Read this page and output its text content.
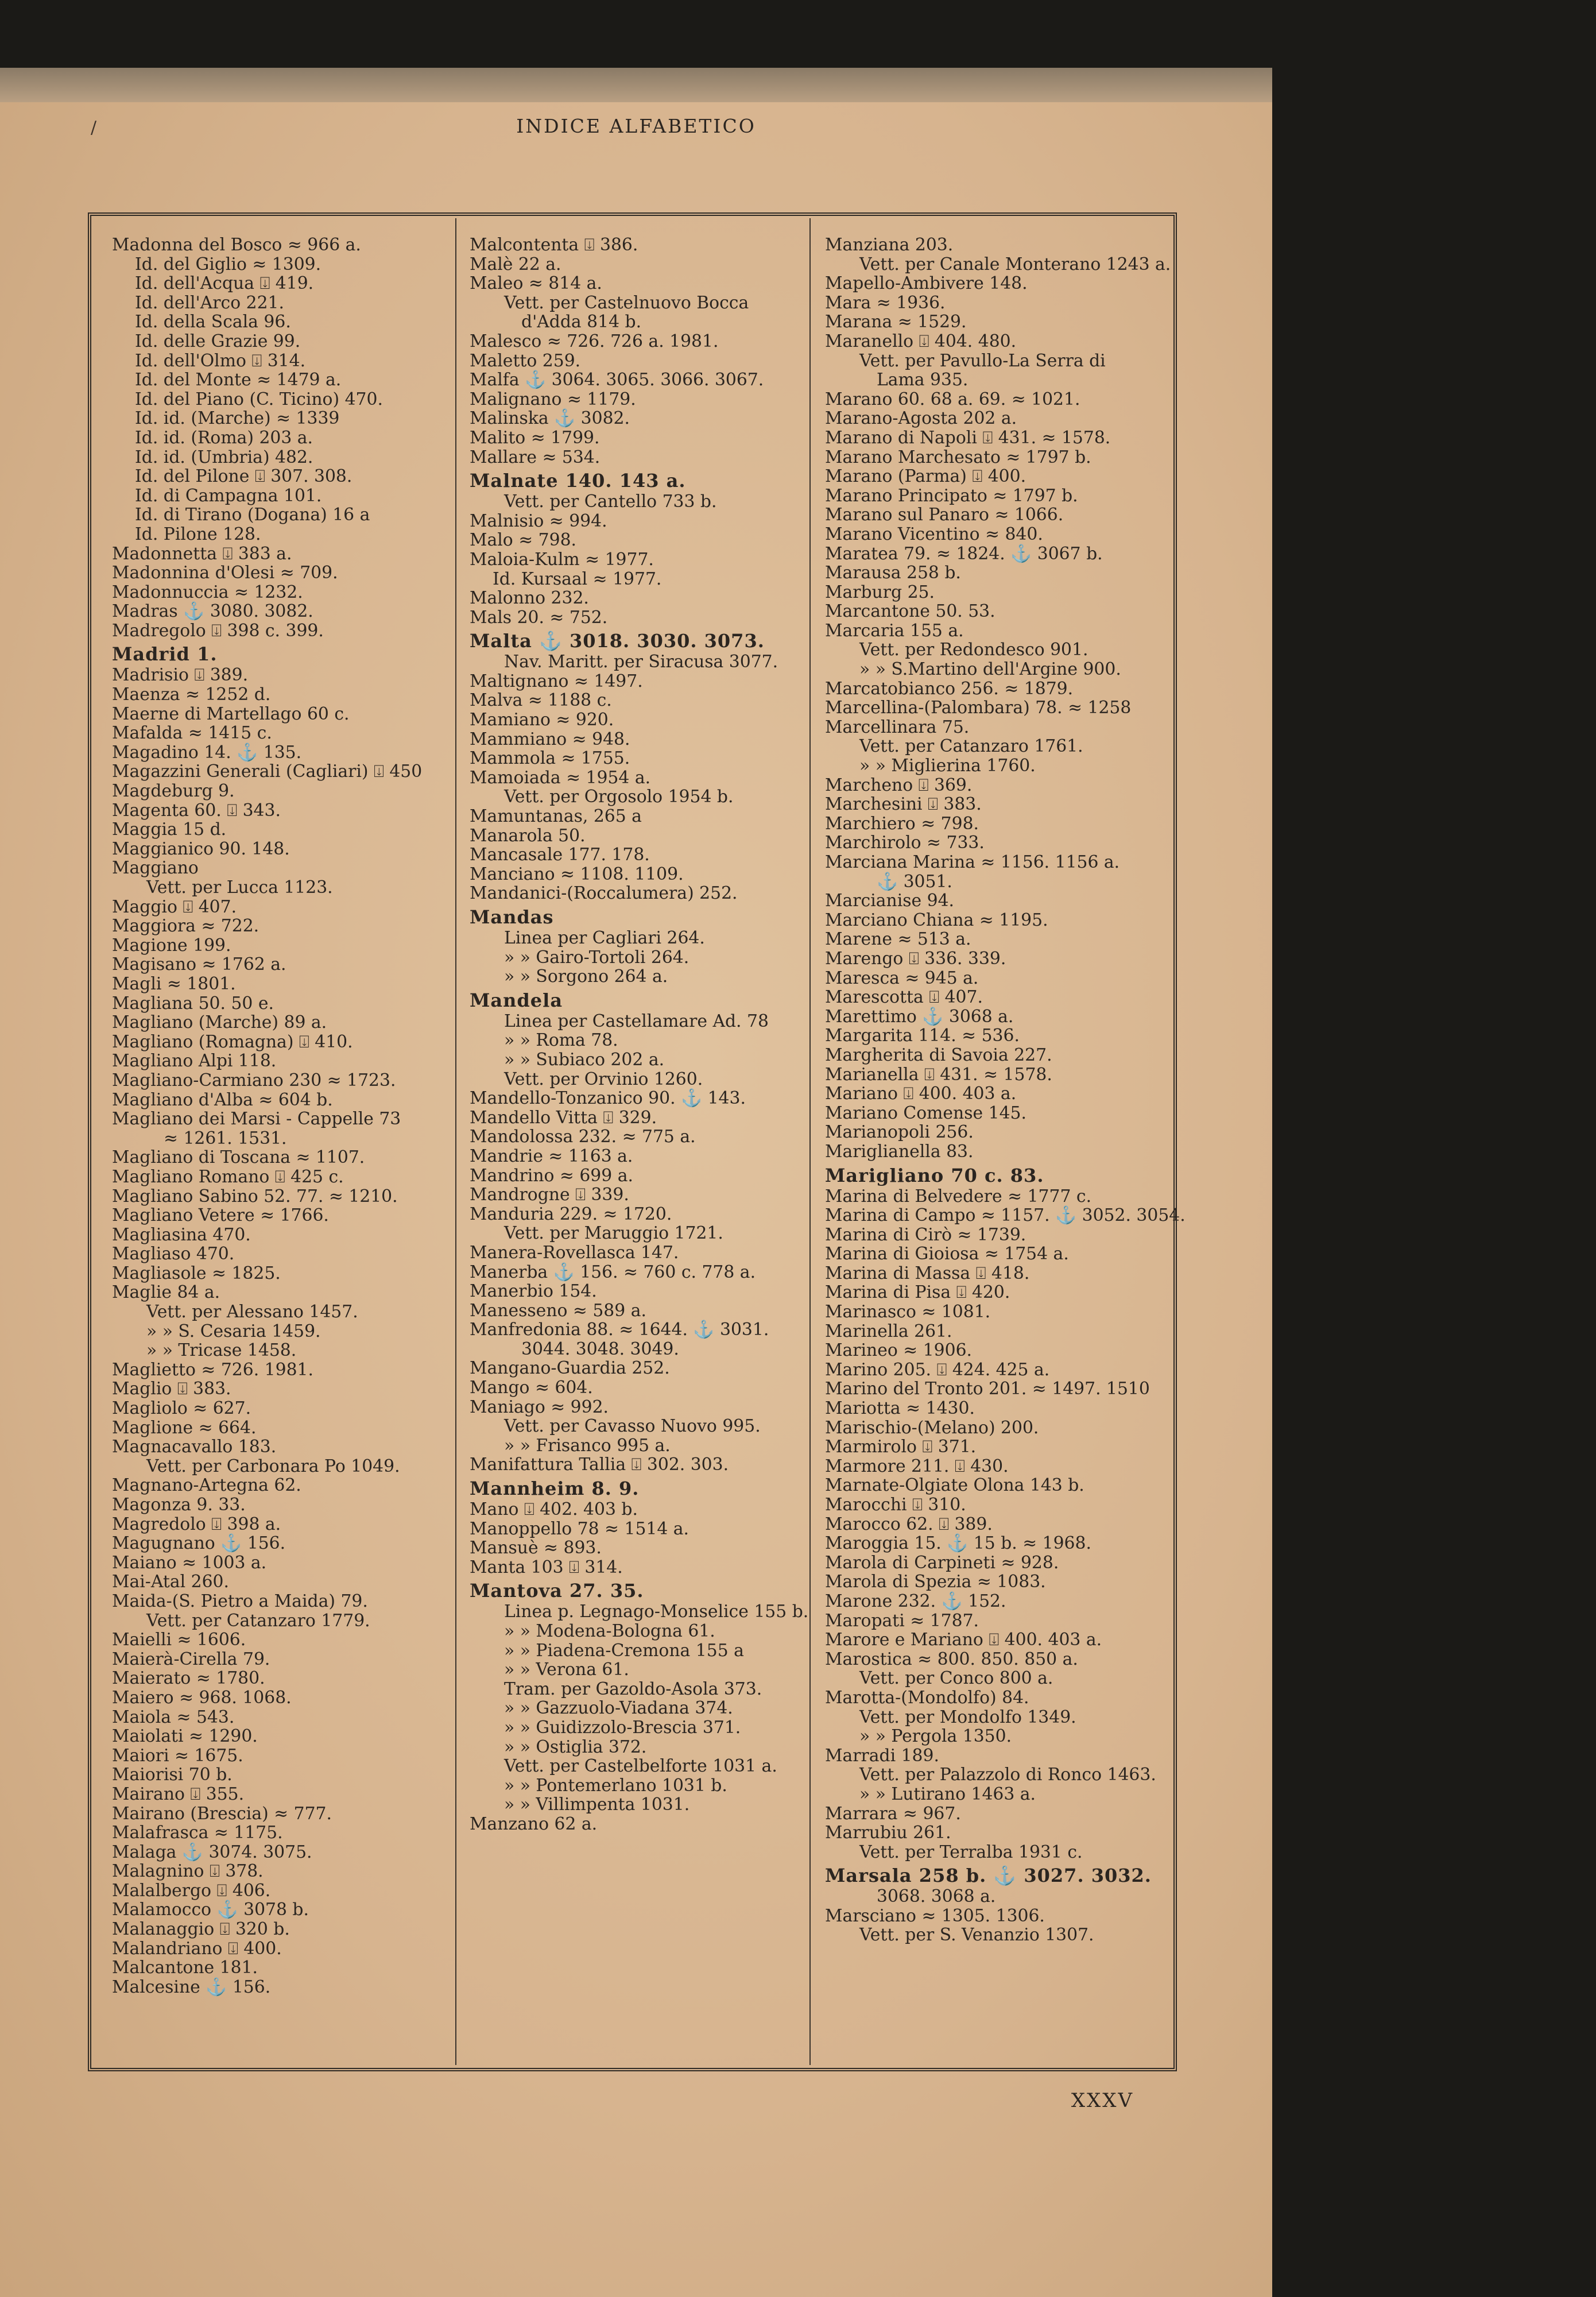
/	INDICE ALFABETICO
Madonna del Bosco ≈ 966 a.
Id. del Giglio ≈ 1309.
Id. dell'Acqua ⍗ 419.
Id. dell'Arco 221.
Id. della Scala 96.
Id. delle Grazie 99.
Id. dell'Olmo ⍗ 314.
Id. del Monte ≈ 1479 a.
Id. del Piano (C. Ticino) 470.
Id. id. (Marche) ≈ 1339
Id. id. (Roma) 203 a.
Id. id. (Umbria) 482.
Id. del Pilone ⍗ 307. 308.
Id. di Campagna 101.
Id. di Tirano (Dogana) 16 a
Id. Pilone 128.
Madonnetta ⍗ 383 a.
Madonnina d'Olesi ≈ 709.
Madonnuccia ≈ 1232.
Madras ⚓ 3080. 3082.
Madregolo ⍗ 398 c. 399.
Madrid 1.
Madrisio ⍗ 389.
Maenza ≈ 1252 d.
Maerne di Martellago 60 c.
Mafalda ≈ 1415 c.
Magadino 14. ⚓ 135.
Magazzini Generali (Cagliari) ⍗ 450
Magdeburg 9.
Magenta 60. ⍗ 343.
Maggia 15 d.
Maggianico 90. 148.
Maggiano
Vett. per Lucca 1123.
Maggio ⍗ 407.
Maggiora ≈ 722.
Magione 199.
Magisano ≈ 1762 a.
Magli ≈ 1801.
Magliana 50. 50 e.
Magliano (Marche) 89 a.
Magliano (Romagna) ⍗ 410.
Magliano Alpi 118.
Magliano-Carmiano 230 ≈ 1723.
Magliano d'Alba ≈ 604 b.
Magliano dei Marsi - Cappelle 73
≈ 1261. 1531.
Magliano di Toscana ≈ 1107.
Magliano Romano ⍗ 425 c.
Magliano Sabino 52. 77. ≈ 1210.
Magliano Vetere ≈ 1766.
Magliasina 470.
Magliaso 470.
Magliasole ≈ 1825.
Maglie 84 a.
Vett. per Alessano 1457.
» » S. Cesaria 1459.
» » Tricase 1458.
Maglietto ≈ 726. 1981.
Maglio ⍗ 383.
Magliolo ≈ 627.
Maglione ≈ 664.
Magnacavallo 183.
Vett. per Carbonara Po 1049.
Magnano-Artegna 62.
Magonza 9. 33.
Magredolo ⍗ 398 a.
Magugnano ⚓ 156.
Maiano ≈ 1003 a.
Mai-Atal 260.
Maida-(S. Pietro a Maida) 79.
Vett. per Catanzaro 1779.
Maielli ≈ 1606.
Maierà-Cirella 79.
Maierato ≈ 1780.
Maiero ≈ 968. 1068.
Maiola ≈ 543.
Maiolati ≈ 1290.
Maiori ≈ 1675.
Maiorisi 70 b.
Mairano ⍗ 355.
Mairano (Brescia) ≈ 777.
Malafrasca ≈ 1175.
Malaga ⚓ 3074. 3075.
Malagnino ⍗ 378.
Malalbergo ⍗ 406.
Malamocco ⚓ 3078 b.
Malanaggio ⍗ 320 b.
Malandriano ⍗ 400.
Malcantone 181.
Malcesine ⚓ 156.
Malcontenta ⍗ 386.
Malè 22 a.
Maleo ≈ 814 a.
Vett. per Castelnuovo Bocca
d'Adda 814 b.
Malesco ≈ 726. 726 a. 1981.
Maletto 259.
Malfa ⚓ 3064. 3065. 3066. 3067.
Malignano ≈ 1179.
Malinska ⚓ 3082.
Malito ≈ 1799.
Mallare ≈ 534.
Malnate 140. 143 a.
Vett. per Cantello 733 b.
Malnisio ≈ 994.
Malo ≈ 798.
Maloia-Kulm ≈ 1977.
Id. Kursaal ≈ 1977.
Malonno 232.
Mals 20. ≈ 752.
Malta ⚓ 3018. 3030. 3073.
Nav. Maritt. per Siracusa 3077.
Maltignano ≈ 1497.
Malva ≈ 1188 c.
Mamiano ≈ 920.
Mammiano ≈ 948.
Mammola ≈ 1755.
Mamoiada ≈ 1954 a.
Vett. per Orgosolo 1954 b.
Mamuntanas, 265 a
Manarola 50.
Mancasale 177. 178.
Manciano ≈ 1108. 1109.
Mandanici-(Roccalumera) 252.
Mandas
Linea per Cagliari 264.
» » Gairo-Tortoli 264.
» » Sorgono 264 a.
Mandela
Linea per Castellamare Ad. 78
» » Roma 78.
» » Subiaco 202 a.
Vett. per Orvinio 1260.
Mandello-Tonzanico 90. ⚓ 143.
Mandello Vitta ⍗ 329.
Mandolossa 232. ≈ 775 a.
Mandrie ≈ 1163 a.
Mandrino ≈ 699 a.
Mandrogne ⍗ 339.
Manduria 229. ≈ 1720.
Vett. per Maruggio 1721.
Manera-Rovellasca 147.
Manerba ⚓ 156. ≈ 760 c. 778 a.
Manerbio 154.
Manesseno ≈ 589 a.
Manfredonia 88. ≈ 1644. ⚓ 3031.
3044. 3048. 3049.
Mangano-Guardia 252.
Mango ≈ 604.
Maniago ≈ 992.
Vett. per Cavasso Nuovo 995.
» » Frisanco 995 a.
Manifattura Tallia ⍗ 302. 303.
Mannheim 8. 9.
Mano ⍗ 402. 403 b.
Manoppello 78 ≈ 1514 a.
Mansuè ≈ 893.
Manta 103 ⍗ 314.
Mantova 27. 35.
Linea p. Legnago-Monselice 155 b.
» » Modena-Bologna 61.
» » Piadena-Cremona 155 a
» » Verona 61.
Tram. per Gazoldo-Asola 373.
» » Gazzuolo-Viadana 374.
» » Guidizzolo-Brescia 371.
» » Ostiglia 372.
Vett. per Castelbelforte 1031 a.
» » Pontemerlano 1031 b.
» » Villimpenta 1031.
Manzano 62 a.
Manziana 203.
Vett. per Canale Monterano 1243 a.
Mapello-Ambivere 148.
Mara ≈ 1936.
Marana ≈ 1529.
Maranello ⍗ 404. 480.
Vett. per Pavullo-La Serra di
Lama 935.
Marano 60. 68 a. 69. ≈ 1021.
Marano-Agosta 202 a.
Marano di Napoli ⍗ 431. ≈ 1578.
Marano Marchesato ≈ 1797 b.
Marano (Parma) ⍗ 400.
Marano Principato ≈ 1797 b.
Marano sul Panaro ≈ 1066.
Marano Vicentino ≈ 840.
Maratea 79. ≈ 1824. ⚓ 3067 b.
Marausa 258 b.
Marburg 25.
Marcantone 50. 53.
Marcaria 155 a.
Vett. per Redondesco 901.
» » S.Martino dell'Argine 900.
Marcatobianco 256. ≈ 1879.
Marcellina-(Palombara) 78. ≈ 1258
Marcellinara 75.
Vett. per Catanzaro 1761.
» » Miglierina 1760.
Marcheno ⍗ 369.
Marchesini ⍗ 383.
Marchiero ≈ 798.
Marchirolo ≈ 733.
Marciana Marina ≈ 1156. 1156 a.
⚓ 3051.
Marcianise 94.
Marciano Chiana ≈ 1195.
Marene ≈ 513 a.
Marengo ⍗ 336. 339.
Maresca ≈ 945 a.
Marescotta ⍗ 407.
Marettimo ⚓ 3068 a.
Margarita 114. ≈ 536.
Margherita di Savoia 227.
Marianella ⍗ 431. ≈ 1578.
Mariano ⍗ 400. 403 a.
Mariano Comense 145.
Marianopoli 256.
Mariglianella 83.
Marigliano 70 c. 83.
Marina di Belvedere ≈ 1777 c.
Marina di Campo ≈ 1157. ⚓ 3052. 3054.
Marina di Cirò ≈ 1739.
Marina di Gioiosa ≈ 1754 a.
Marina di Massa ⍗ 418.
Marina di Pisa ⍗ 420.
Marinasco ≈ 1081.
Marinella 261.
Marineo ≈ 1906.
Marino 205. ⍗ 424. 425 a.
Marino del Tronto 201. ≈ 1497. 1510
Mariotta ≈ 1430.
Marischio-(Melano) 200.
Marmirolo ⍗ 371.
Marmore 211. ⍗ 430.
Marnate-Olgiate Olona 143 b.
Marocchi ⍗ 310.
Marocco 62. ⍗ 389.
Maroggia 15. ⚓ 15 b. ≈ 1968.
Marola di Carpineti ≈ 928.
Marola di Spezia ≈ 1083.
Marone 232. ⚓ 152.
Maropati ≈ 1787.
Marore e Mariano ⍗ 400. 403 a.
Marostica ≈ 800. 850. 850 a.
Vett. per Conco 800 a.
Marotta-(Mondolfo) 84.
Vett. per Mondolfo 1349.
» » Pergola 1350.
Marradi 189.
Vett. per Palazzolo di Ronco 1463.
» » Lutirano 1463 a.
Marrara ≈ 967.
Marrubiu 261.
Vett. per Terralba 1931 c.
Marsala 258 b. ⚓ 3027. 3032.
3068. 3068 a.
Marsciano ≈ 1305. 1306.
Vett. per S. Venanzio 1307.
XXXV
